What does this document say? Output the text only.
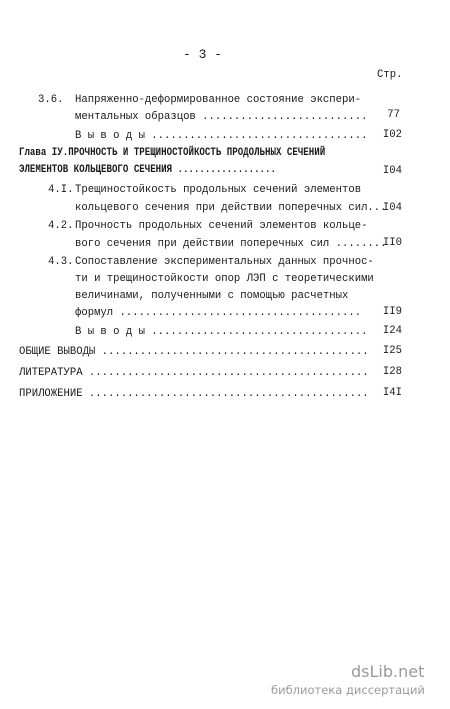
- 3 -
Стр.
3.6. Напряженно-деформированное состояние экспери-
ментальных образцов .......................... 77
В ы в о д ы .................................. I02
Глава IУ.ПРОЧНОСТЬ И ТРЕЩИНОСТОЙКОСТЬ ПРОДОЛЬНЫХ СЕЧЕНИЙ
ЭЛЕМЕНТОВ КОЛЬЦЕВОГО СЕЧЕНИЯ ..................	I04
4.I. Трещиностойкость продольных сечений элементов
кольцевого сечения при действии поперечных сил...
I04
4.2. Прочность продольных сечений элементов кольце-
вого сечения при действии поперечных сил ........
II0
4.3. Сопоставление экспериментальных данных прочнос-
ти и трещиностойкости опор ЛЭП с теоретическими
величинами, полученными с помощью расчетных
формул ...................................... II9
В ы в о д ы .................................. I24
ОБЩИЕ ВЫВОДЫ .......................................... I25
ЛИТЕРАТУРА ............................................ I28
ПРИЛОЖЕНИЕ ............................................ I4I
dsLib.net
библиотека диссертаций
